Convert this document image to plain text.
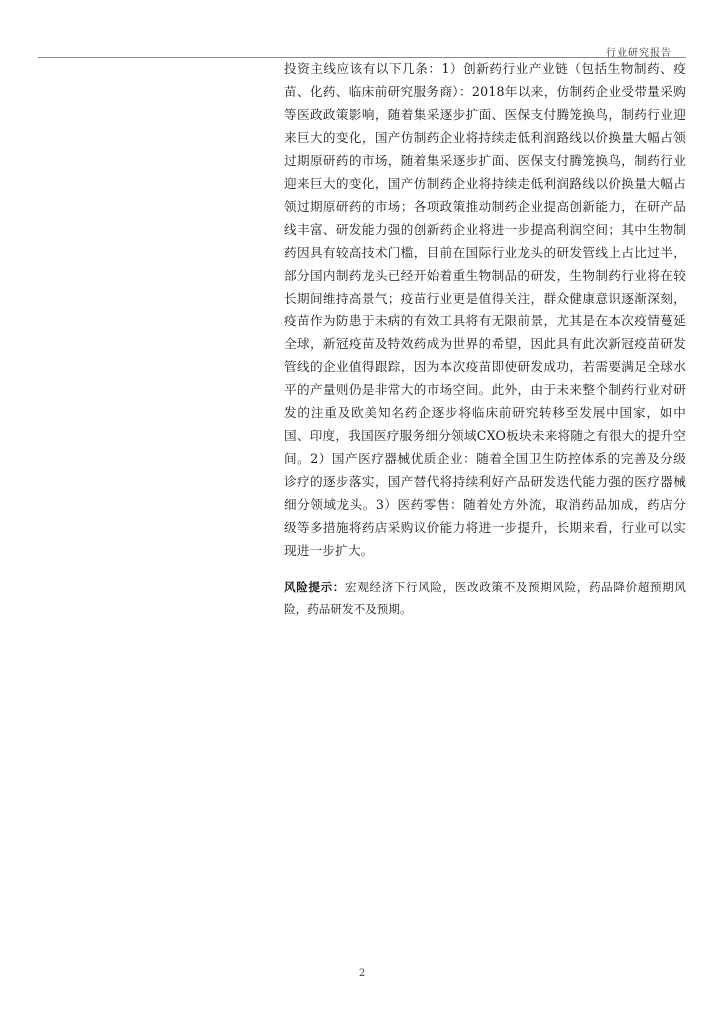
行业研究报告

投资主线应该有以下几条：1）创新药行业产业链（包括生物制药、疫苗、化药、临床前研究服务商）：2018年以来，仿制药企业受带量采购等医政政策影响，随着集采逐步扩面、医保支付腾笼换鸟，制药行业迎来巨大的变化，国产仿制药企业将持续走低利润路线以价换量大幅占领过期原研药的市场，随着集采逐步扩面、医保支付腾笼换鸟，制药行业迎来巨大的变化，国产仿制药企业将持续走低利润路线以价换量大幅占领过期原研药的市场；各项政策推动制药企业提高创新能力，在研产品线丰富、研发能力强的创新药企业将进一步提高利润空间；其中生物制药因具有较高技术门槛，目前在国际行业龙头的研发管线上占比过半，部分国内制药龙头已经开始着重生物制品的研发，生物制药行业将在较长期间维持高景气；疫苗行业更是值得关注，群众健康意识逐渐深刻，疫苗作为防患于未病的有效工具将有无限前景，尤其是在本次疫情蔓延全球，新冠疫苗及特效药成为世界的希望，因此具有此次新冠疫苗研发管线的企业值得跟踪，因为本次疫苗即使研发成功，若需要满足全球水平的产量则仍是非常大的市场空间。此外，由于未来整个制药行业对研发的注重及欧美知名药企逐步将临床前研究转移至发展中国家，如中国、印度，我国医疗服务细分领域CXO板块未来将随之有很大的提升空间。2）国产医疗器械优质企业：随着全国卫生防控体系的完善及分级诊疗的逐步落实，国产替代将持续利好产品研发迭代能力强的医疗器械细分领域龙头。3）医药零售：随着处方外流，取消药品加成，药店分级等多措施将药店采购议价能力将进一步提升，长期来看，行业可以实现进一步扩大。

风险提示：宏观经济下行风险，医改政策不及预期风险，药品降价超预期风险，药品研发不及预期。

2
